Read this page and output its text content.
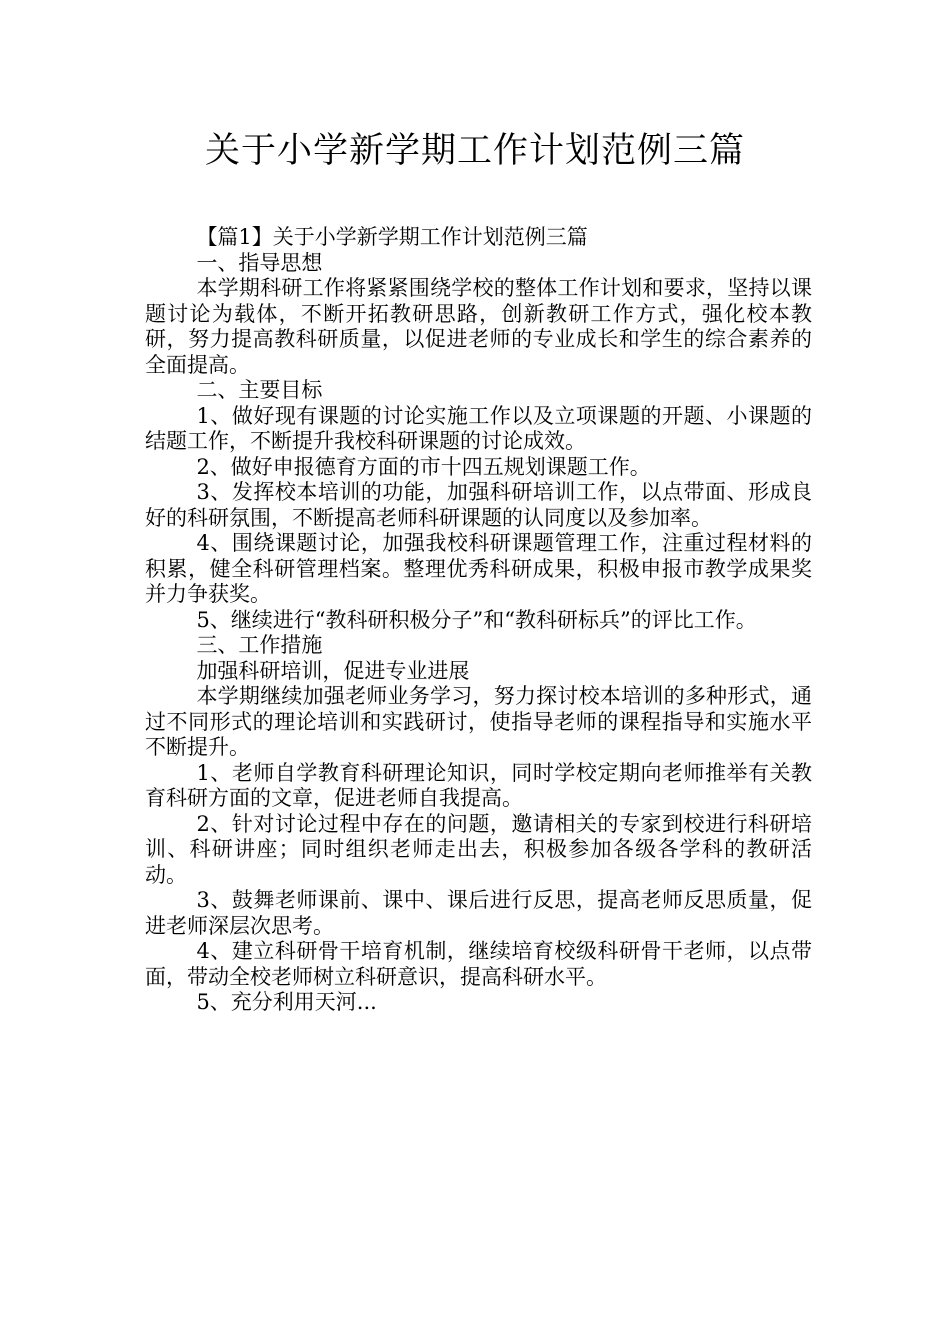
关于小学新学期工作计划范例三篇

【篇1】关于小学新学期工作计划范例三篇

一、指导思想

本学期科研工作将紧紧围绕学校的整体工作计划和要求，坚持以课题讨论为载体，不断开拓教研思路，创新教研工作方式，强化校本教研，努力提高教科研质量，以促进老师的专业成长和学生的综合素养的全面提高。

二、主要目标

1、做好现有课题的讨论实施工作以及立项课题的开题、小课题的结题工作，不断提升我校科研课题的讨论成效。

2、做好申报德育方面的市十四五规划课题工作。

3、发挥校本培训的功能，加强科研培训工作，以点带面、形成良好的科研氛围，不断提高老师科研课题的认同度以及参加率。

4、围绕课题讨论，加强我校科研课题管理工作，注重过程材料的积累，健全科研管理档案。整理优秀科研成果，积极申报市教学成果奖并力争获奖。

5、继续进行“教科研积极分子”和“教科研标兵”的评比工作。

三、工作措施

加强科研培训，促进专业进展

本学期继续加强老师业务学习，努力探讨校本培训的多种形式，通过不同形式的理论培训和实践研讨，使指导老师的课程指导和实施水平不断提升。

1、老师自学教育科研理论知识，同时学校定期向老师推举有关教育科研方面的文章，促进老师自我提高。

2、针对讨论过程中存在的问题，邀请相关的专家到校进行科研培训、科研讲座；同时组织老师走出去，积极参加各级各学科的教研活动。

3、鼓舞老师课前、课中、课后进行反思，提高老师反思质量，促进老师深层次思考。

4、建立科研骨干培育机制，继续培育校级科研骨干老师，以点带面，带动全校老师树立科研意识，提高科研水平。

5、充分利用天河...
